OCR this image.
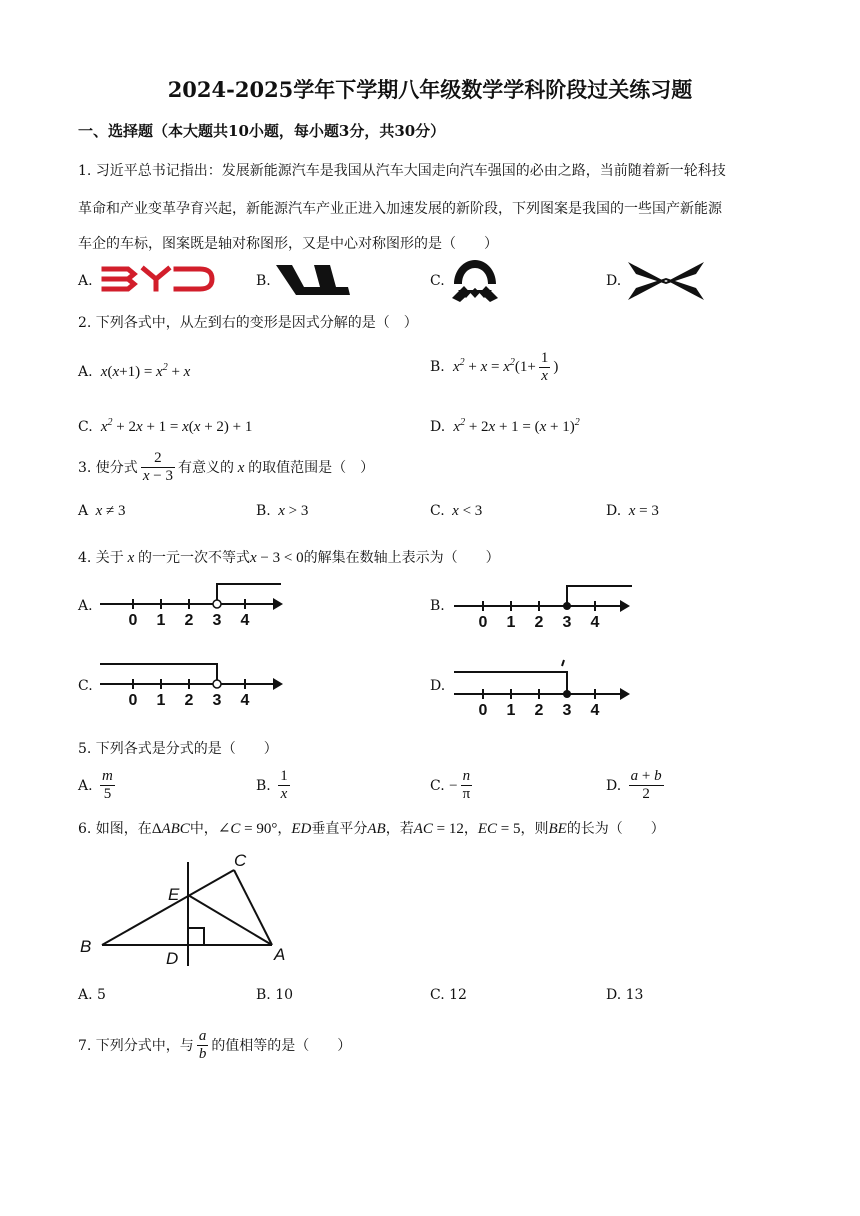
2024-2025学年下学期八年级数学学科阶段过关练习题
一、选择题（本大题共10小题，每小题3分，共30分）
1. 习近平总书记指出：发展新能源汽车是我国从汽车大国走向汽车强国的必由之路，当前随着新一轮科技
革命和产业变革孕育兴起，新能源汽车产业正进入加速发展的新阶段，下列图案是我国的一些国产新能源
车企的车标，图案既是轴对称图形，又是中心对称图形的是（　　）
A.	B.	C.	D.
2. 下列各式中，从左到右的变形是因式分解的是（　）
A.  $x(x+1) = x^2 + x$	B.  $x^2 + x = x^2(1+ \frac{1}{x}$ )
C.  $x^2 + 2x + 1 = x(x + 2) + 1$	D.  $x^2 + 2x + 1 = (x + 1)^2$
3. 使分式 $\frac{2}{x - 3}$ 有意义的 x 的取值范围是（　）
A  x ≠ 3	B.  x > 3	C.  x < 3	D.  x = 3
4. 关于 x 的一元一次不等式x − 3 < 0的解集在数轴上表示为（　　）
A.
0 1 2 3 4
B.
0 1 2 3 4
C.
0 1 2 3 4
D.
0 1 2 3 4
5. 下列各式是分式的是（　　）
A. $\frac{m}{5}$	B. $\frac{1}{x}$	C. − $\frac{n}{\pi}$	D. $\frac{a + b}{2}$
6. 如图，在ΔABC中，∠C = 90°，ED垂直平分AB，若AC = 12，EC = 5，则BE的长为（　　）
B
E
C
D	A
A. 5	B. 10	C. 12	D. 13
7. 下列分式中，与 $\frac{a}{b}$ 的值相等的是（　　）
